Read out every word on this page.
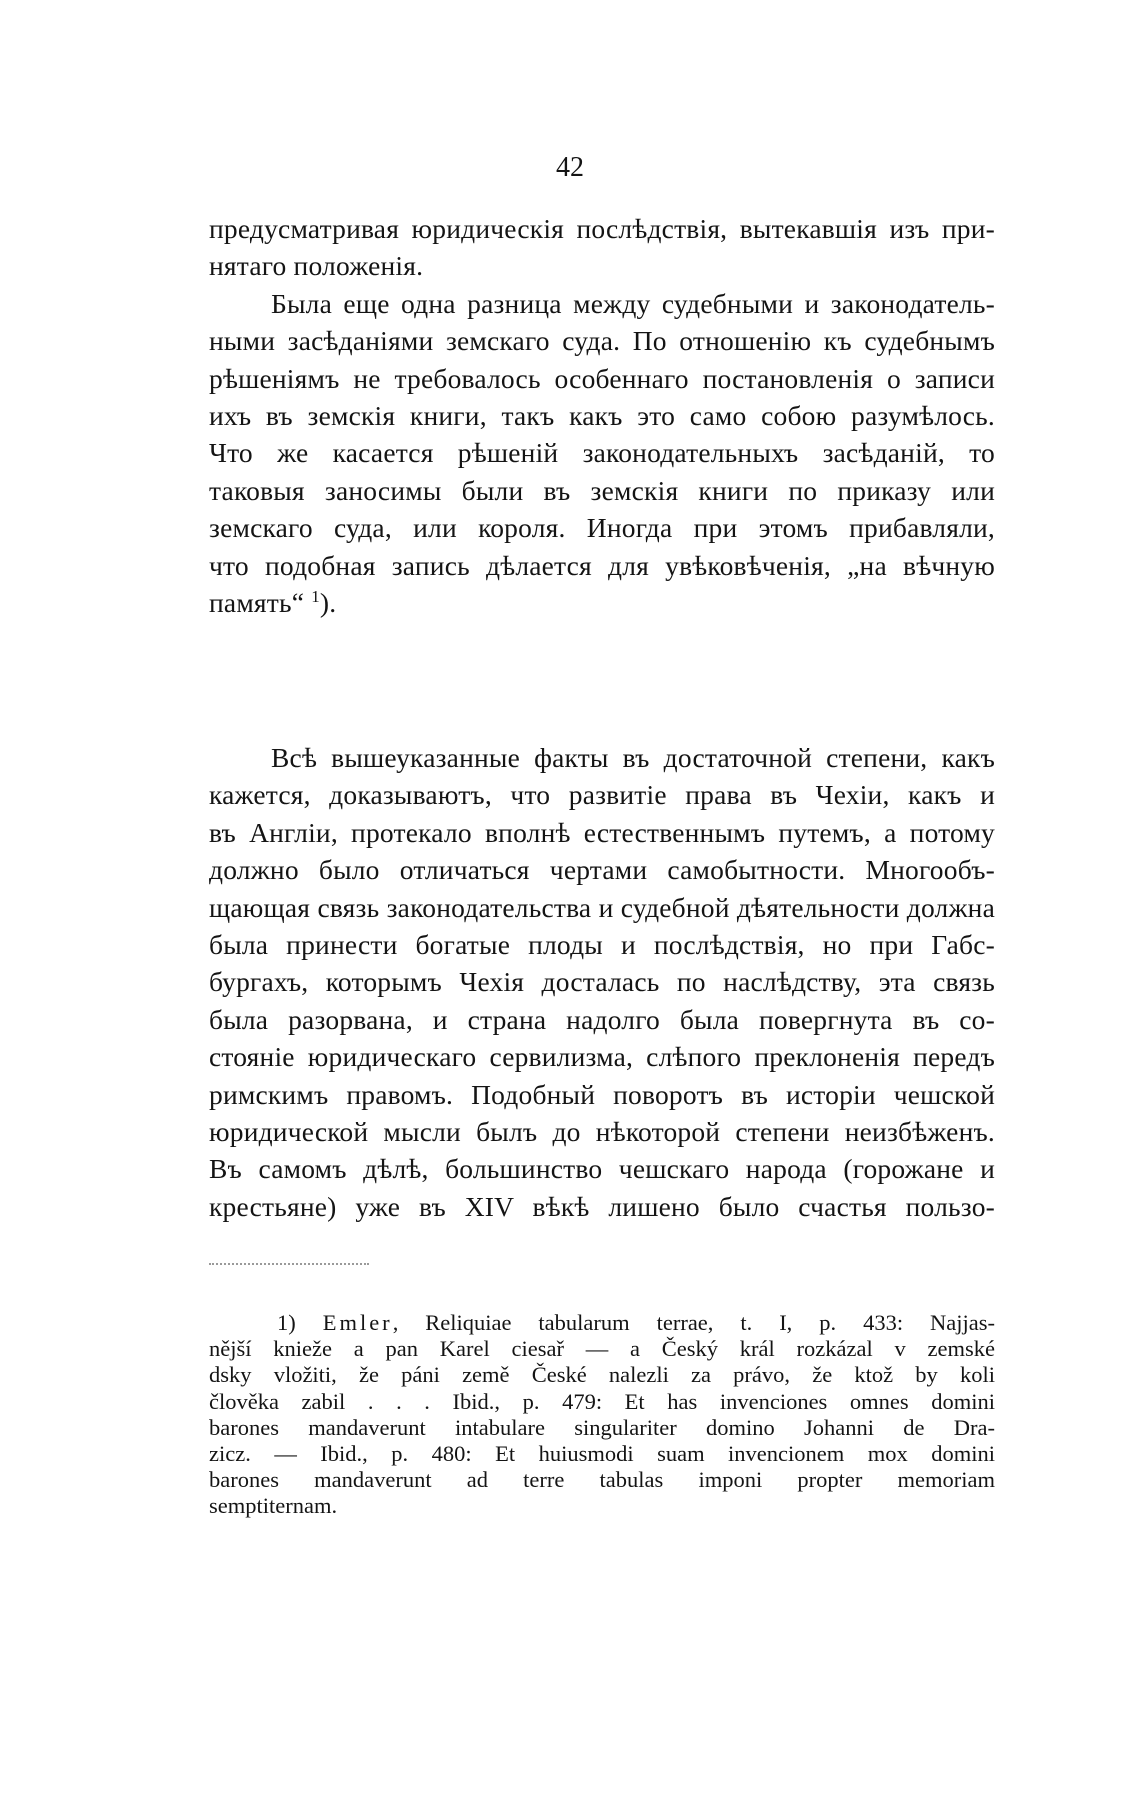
42
предусматривая юридическія послѣдствія, вытекавшія изъ при-
нятаго положенія.
Была еще одна разница между судебными и законодатель-
ными засѣданіями земскаго суда. По отношенію къ судебнымъ
рѣшеніямъ не требовалось особеннаго постановленія о записи
ихъ въ земскія книги, такъ какъ это само собою разумѣлось.
Что же касается рѣшеній законодательныхъ засѣданій, то
таковыя заносимы были въ земскія книги по приказу или
земскаго суда, или короля. Иногда при этомъ прибавляли,
что подобная запись дѣлается для увѣковѣченія, „на вѣчную
память“ $^1$).
Всѣ вышеуказанные факты въ достаточной степени, какъ
кажется, доказываютъ, что развитіе права въ Чехіи, какъ и
въ Англіи, протекало вполнѣ естественнымъ путемъ, а потому
должно было отличаться чертами самобытности. Многообъ-
щающая связь законодательства и судебной дѣятельности должна
была принести богатые плоды и послѣдствія, но при Габс-
бургахъ, которымъ Чехія досталась по наслѣдству, эта связь
была разорвана, и страна надолго была повергнута въ со-
стояніе юридическаго сервилизма, слѣпого преклоненія передъ
римскимъ правомъ. Подобный поворотъ въ исторіи чешской
юридической мысли былъ до нѣкоторой степени неизбѣженъ.
Въ самомъ дѣлѣ, большинство чешскаго народа (горожане и
крестьяне) уже въ XIV вѣкѣ лишено было счастья пользо-
1) Emler, Reliquiae tabularum terrae, t. I, p. 433: Najjas-
nější kniežе a pan Karel ciesař — a Český král rozkázal v zemské
dsky vložiti, že páni země České nalezli za právo, že ktož by koli
člověka zabil . . . Ibid., p. 479: Et has invenciones omnes domini
barones mandaverunt intabulare singulariter domino Johanni de Dra-
zicz. — Ibid., p. 480: Et huiusmodi suam invencionem mox domini
barones mandaverunt ad terre tabulas imponi propter memoriam
semptiternam.
